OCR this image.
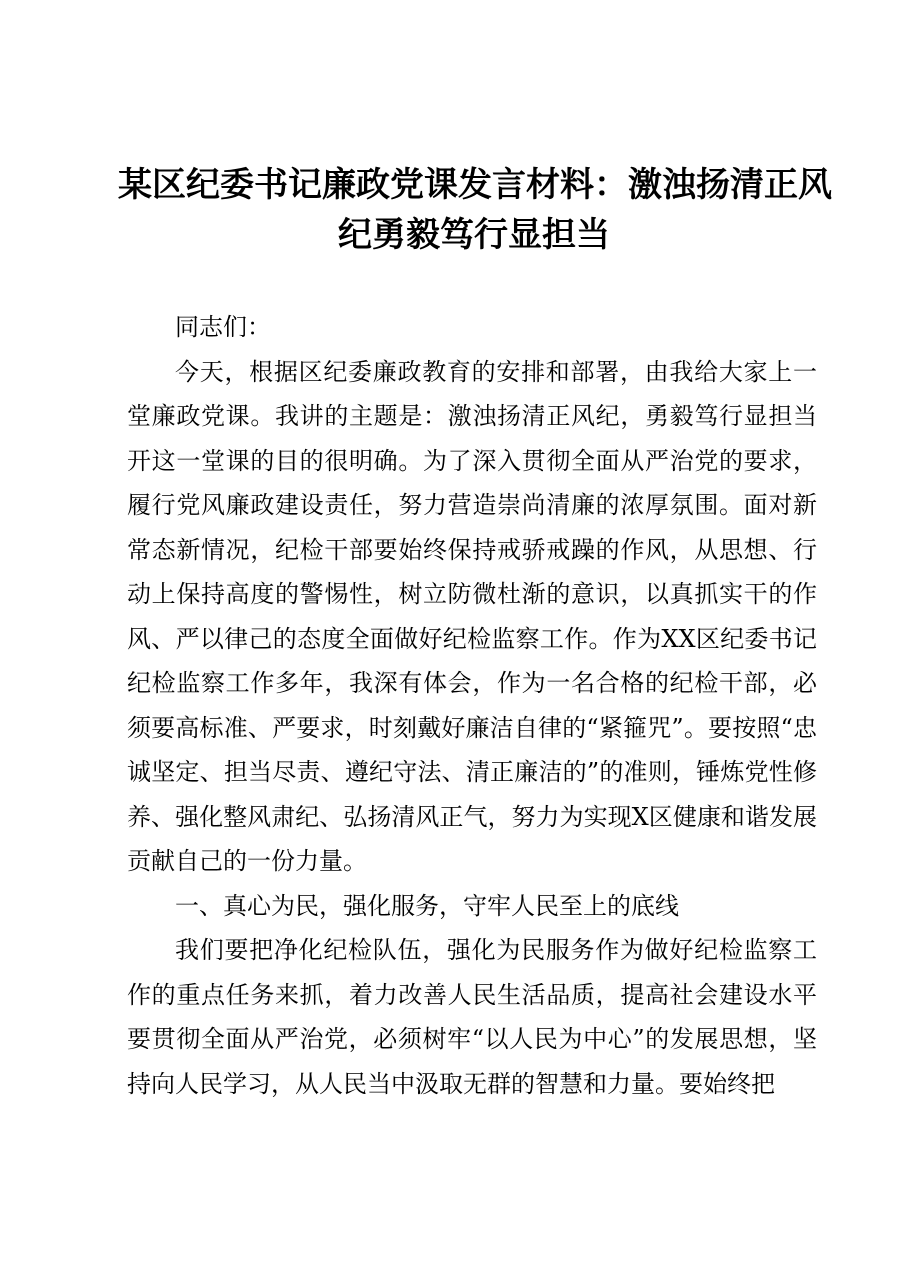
某区纪委书记廉政党课发言材料：激浊扬清正风
纪勇毅笃行显担当

同志们：

今天，根据区纪委廉政教育的安排和部署，由我给大家上一堂廉政党课。我讲的主题是：激浊扬清正风纪，勇毅笃行显担当开这一堂课的目的很明确。为了深入贯彻全面从严治党的要求，履行党风廉政建设责任，努力营造崇尚清廉的浓厚氛围。面对新常态新情况，纪检干部要始终保持戒骄戒躁的作风，从思想、行动上保持高度的警惕性，树立防微杜渐的意识，以真抓实干的作风、严以律己的态度全面做好纪检监察工作。作为XX区纪委书记纪检监察工作多年，我深有体会，作为一名合格的纪检干部，必须要高标准、严要求，时刻戴好廉洁自律的“紧箍咒”。要按照“忠诚坚定、担当尽责、遵纪守法、清正廉洁的”的准则，锤炼党性修养、强化整风肃纪、弘扬清风正气，努力为实现X区健康和谐发展贡献自己的一份力量。

一、真心为民，强化服务，守牢人民至上的底线

我们要把净化纪检队伍，强化为民服务作为做好纪检监察工作的重点任务来抓，着力改善人民生活品质，提高社会建设水平要贯彻全面从严治党，必须树牢“以人民为中心”的发展思想，坚持向人民学习，从人民当中汲取无群的智慧和力量。要始终把
